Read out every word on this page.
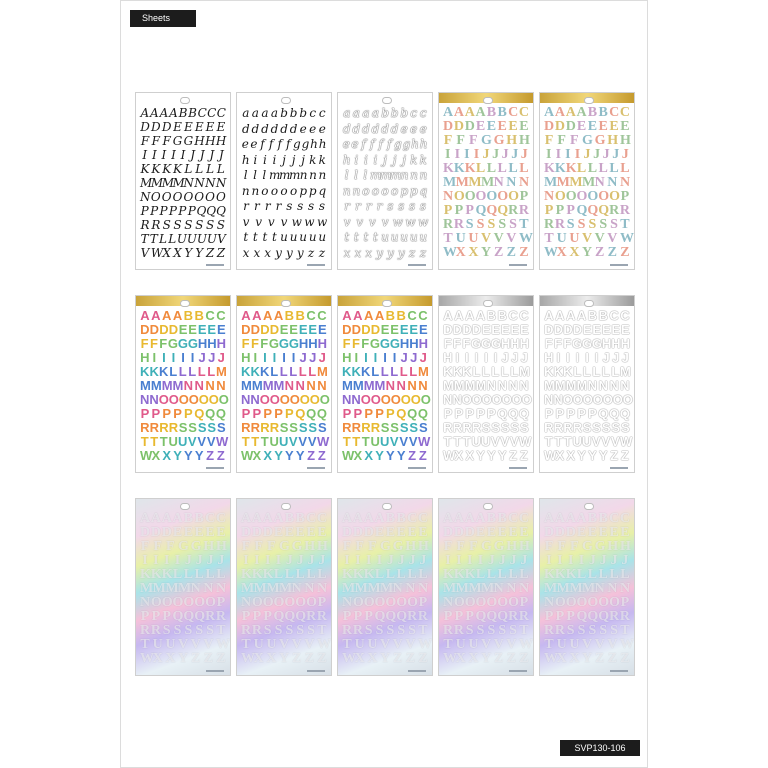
Sheets
A A A A B B C C C
D D D E E E E E
F F F G G H H H
I I I I I J J J J
K K K K L L L L
M
M
M
M
N N N N
N O O O O O O O
P P P P P P Q Q Q
R R S S S S S S
T T L L U U U U V
V W X X Y Y Z Z
a a a a b b b c c
d d d d d d e e e
e e f f f f g g h h
h i i i j j j k k
l l l m
m
m n n n
n n o o o o p p q
r r r r s s s s
v v v v w w w
t t t t u u u u u
x x x y y y z z
a a a a b b b c c
d d d d d d e e e
e e f f f f g g h h
h i i i j j j k k
l l l m
m
m n n n
n n o o o o p p q
r r r r s s s s
v v v v w w w
t t t t u u u u u
x x x y y y z z
A A A A B B C C
D D D E E E E E
F F F G G H H
I I I I J J J J J
K K K L L L L L
M M M M N N N
N O O O O O O P
P P P Q Q Q R R
R R S S S S S T
T U U V V V W
W
X X Y Z Z Z
A A A A B B C C
D D D E E E E E
F F F G G H H
I I I I J J J J J
K K K L L L L L
M M M M N N N
N O O O O O O P
P P P Q Q Q R R
R R S S S S S T
T U U V V V W
W
X X Y Z Z Z
A A A A B B C C
D D D D E E E E E
F F F G G G H H H
H I I I I I J J J
K K K L L L L L M
M M M M N N N N
N N O O O O O O O
P P P P P Q Q Q
R R R R S S S S S
T T T U U V V V W
W X X Y Y Y Z Z
A A A A B B C C
D D D D E E E E E
F F F G G G H H H
H I I I I I J J J
K K K L L L L L M
M M M M N N N N
N N O O O O O O O
P P P P P Q Q Q
R R R R S S S S S
T T T U U V V V W
W X X Y Y Y Z Z
A A A A B B C C
D D D D E E E E E
F F F G G G H H H
H I I I I I J J J
K K K L L L L L M
M M M M N N N N
N N O O O O O O O
P P P P P Q Q Q
R R R R S S S S S
T T T U U V V V W
W X X Y Y Y Z Z
A A A A B B C C
D D D D E E E E E
F F F G G G H H H
H I I I I I J J J
K K K L L L L L M
M M M M N N N N
N N O O O O O O O
P P P P P Q Q Q
R R R R S S S S S
T T T U U V V V W
W X X Y Y Y Z Z
A A A A B B C C
D D D D E E E E E
F F F G G G H H H
H I I I I I J J J
K K K L L L L L M
M M M M N N N N
N N O O O O O O O
P P P P P Q Q Q
R R R R S S S S S
T T T U U V V V W
W X X Y Y Y Z Z
A A A A B B C C
D D D E E E E E
F F F G G H H
I I I I J J J J
K K K L L L L L
M M M M N N N
N O O O O O O P
P P P Q Q Q R R
R R S S S S S T
T U U V V V W
W
X X Y Z Z Z
A A A A B B C C
D D D E E E E E
F F F G G H H
I I I I J J J J
K K K L L L L L
M M M M N N N
N O O O O O O P
P P P Q Q Q R R
R R S S S S S T
T U U V V V W
W
X X Y Z Z Z
A A A A B B C C
D D D E E E E E
F F F G G H H
I I I I J J J J
K K K L L L L L
M M M M N N N
N O O O O O O P
P P P Q Q Q R R
R R S S S S S T
T U U V V V W
W
X X Y Z Z Z
A A A A B B C C
D D D E E E E E
F F F G G H H
I I I I J J J J
K K K L L L L L
M M M M N N N
N O O O O O O P
P P P Q Q Q R R
R R S S S S S T
T U U V V V W
W
X X Y Z Z Z
A A A A B B C C
D D D E E E E E
F F F G G H H
I I I I J J J J
K K K L L L L L
M M M M N N N
N O O O O O O P
P P P Q Q Q R R
R R S S S S S T
T U U V V V W
W
X X Y Z Z Z
SVP130-106
